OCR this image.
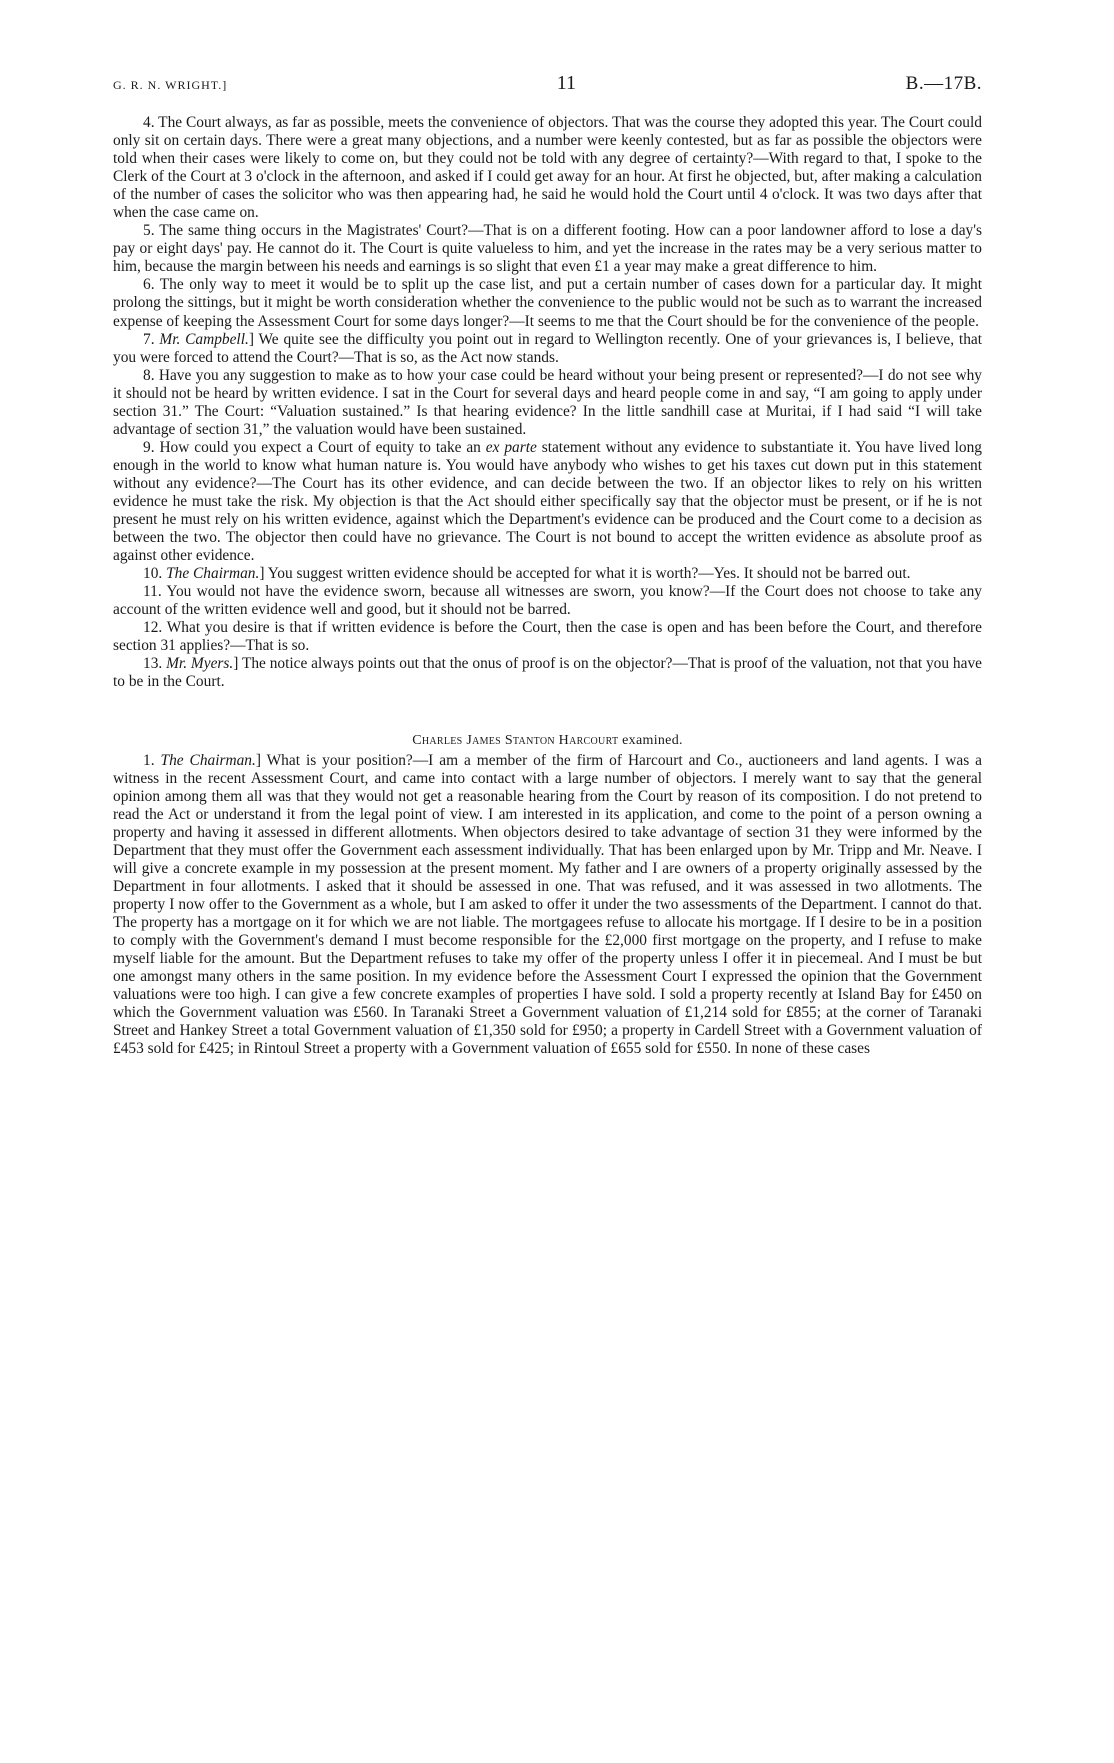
G. R. N. WRIGHT.]	11	B.—17B.

4. The Court always, as far as possible, meets the convenience of objectors. That was the course they adopted this year. The Court could only sit on certain days. There were a great many objections, and a number were keenly contested, but as far as possible the objectors were told when their cases were likely to come on, but they could not be told with any degree of certainty?—With regard to that, I spoke to the Clerk of the Court at 3 o'clock in the afternoon, and asked if I could get away for an hour. At first he objected, but, after making a calculation of the number of cases the solicitor who was then appearing had, he said he would hold the Court until 4 o'clock. It was two days after that when the case came on.

5. The same thing occurs in the Magistrates' Court?—That is on a different footing. How can a poor landowner afford to lose a day's pay or eight days' pay. He cannot do it. The Court is quite valueless to him, and yet the increase in the rates may be a very serious matter to him, because the margin between his needs and earnings is so slight that even £1 a year may make a great difference to him.

6. The only way to meet it would be to split up the case list, and put a certain number of cases down for a particular day. It might prolong the sittings, but it might be worth consideration whether the convenience to the public would not be such as to warrant the increased expense of keeping the Assessment Court for some days longer?—It seems to me that the Court should be for the convenience of the people.

7. Mr. Campbell.] We quite see the difficulty you point out in regard to Wellington recently. One of your grievances is, I believe, that you were forced to attend the Court?—That is so, as the Act now stands.

8. Have you any suggestion to make as to how your case could be heard without your being present or represented?—I do not see why it should not be heard by written evidence. I sat in the Court for several days and heard people come in and say, “I am going to apply under section 31.” The Court: “Valuation sustained.” Is that hearing evidence? In the little sandhill case at Muritai, if I had said “I will take advantage of section 31,” the valuation would have been sustained.

9. How could you expect a Court of equity to take an ex parte statement without any evidence to substantiate it. You have lived long enough in the world to know what human nature is. You would have anybody who wishes to get his taxes cut down put in this statement without any evidence?—The Court has its other evidence, and can decide between the two. If an objector likes to rely on his written evidence he must take the risk. My objection is that the Act should either specifically say that the objector must be present, or if he is not present he must rely on his written evidence, against which the Department's evidence can be produced and the Court come to a decision as between the two. The objector then could have no grievance. The Court is not bound to accept the written evidence as absolute proof as against other evidence.

10. The Chairman.] You suggest written evidence should be accepted for what it is worth?—Yes. It should not be barred out.

11. You would not have the evidence sworn, because all witnesses are sworn, you know?—If the Court does not choose to take any account of the written evidence well and good, but it should not be barred.

12. What you desire is that if written evidence is before the Court, then the case is open and has been before the Court, and therefore section 31 applies?—That is so.

13. Mr. Myers.] The notice always points out that the onus of proof is on the objector?—That is proof of the valuation, not that you have to be in the Court.

Charles James Stanton Harcourt examined.

1. The Chairman.] What is your position?—I am a member of the firm of Harcourt and Co., auctioneers and land agents. I was a witness in the recent Assessment Court, and came into contact with a large number of objectors. I merely want to say that the general opinion among them all was that they would not get a reasonable hearing from the Court by reason of its composition. I do not pretend to read the Act or understand it from the legal point of view. I am interested in its application, and come to the point of a person owning a property and having it assessed in different allotments. When objectors desired to take advantage of section 31 they were informed by the Department that they must offer the Government each assessment individually. That has been enlarged upon by Mr. Tripp and Mr. Neave. I will give a concrete example in my possession at the present moment. My father and I are owners of a property originally assessed by the Department in four allotments. I asked that it should be assessed in one. That was refused, and it was assessed in two allotments. The property I now offer to the Government as a whole, but I am asked to offer it under the two assessments of the Department. I cannot do that. The property has a mortgage on it for which we are not liable. The mortgagees refuse to allocate his mortgage. If I desire to be in a position to comply with the Government's demand I must become responsible for the £2,000 first mortgage on the property, and I refuse to make myself liable for the amount. But the Department refuses to take my offer of the property unless I offer it in piecemeal. And I must be but one amongst many others in the same position. In my evidence before the Assessment Court I expressed the opinion that the Government valuations were too high. I can give a few concrete examples of properties I have sold. I sold a property recently at Island Bay for £450 on which the Government valuation was £560. In Taranaki Street a Government valuation of £1,214 sold for £855; at the corner of Taranaki Street and Hankey Street a total Government valuation of £1,350 sold for £950; a property in Cardell Street with a Government valuation of £453 sold for £425; in Rintoul Street a property with a Government valuation of £655 sold for £550. In none of these cases
